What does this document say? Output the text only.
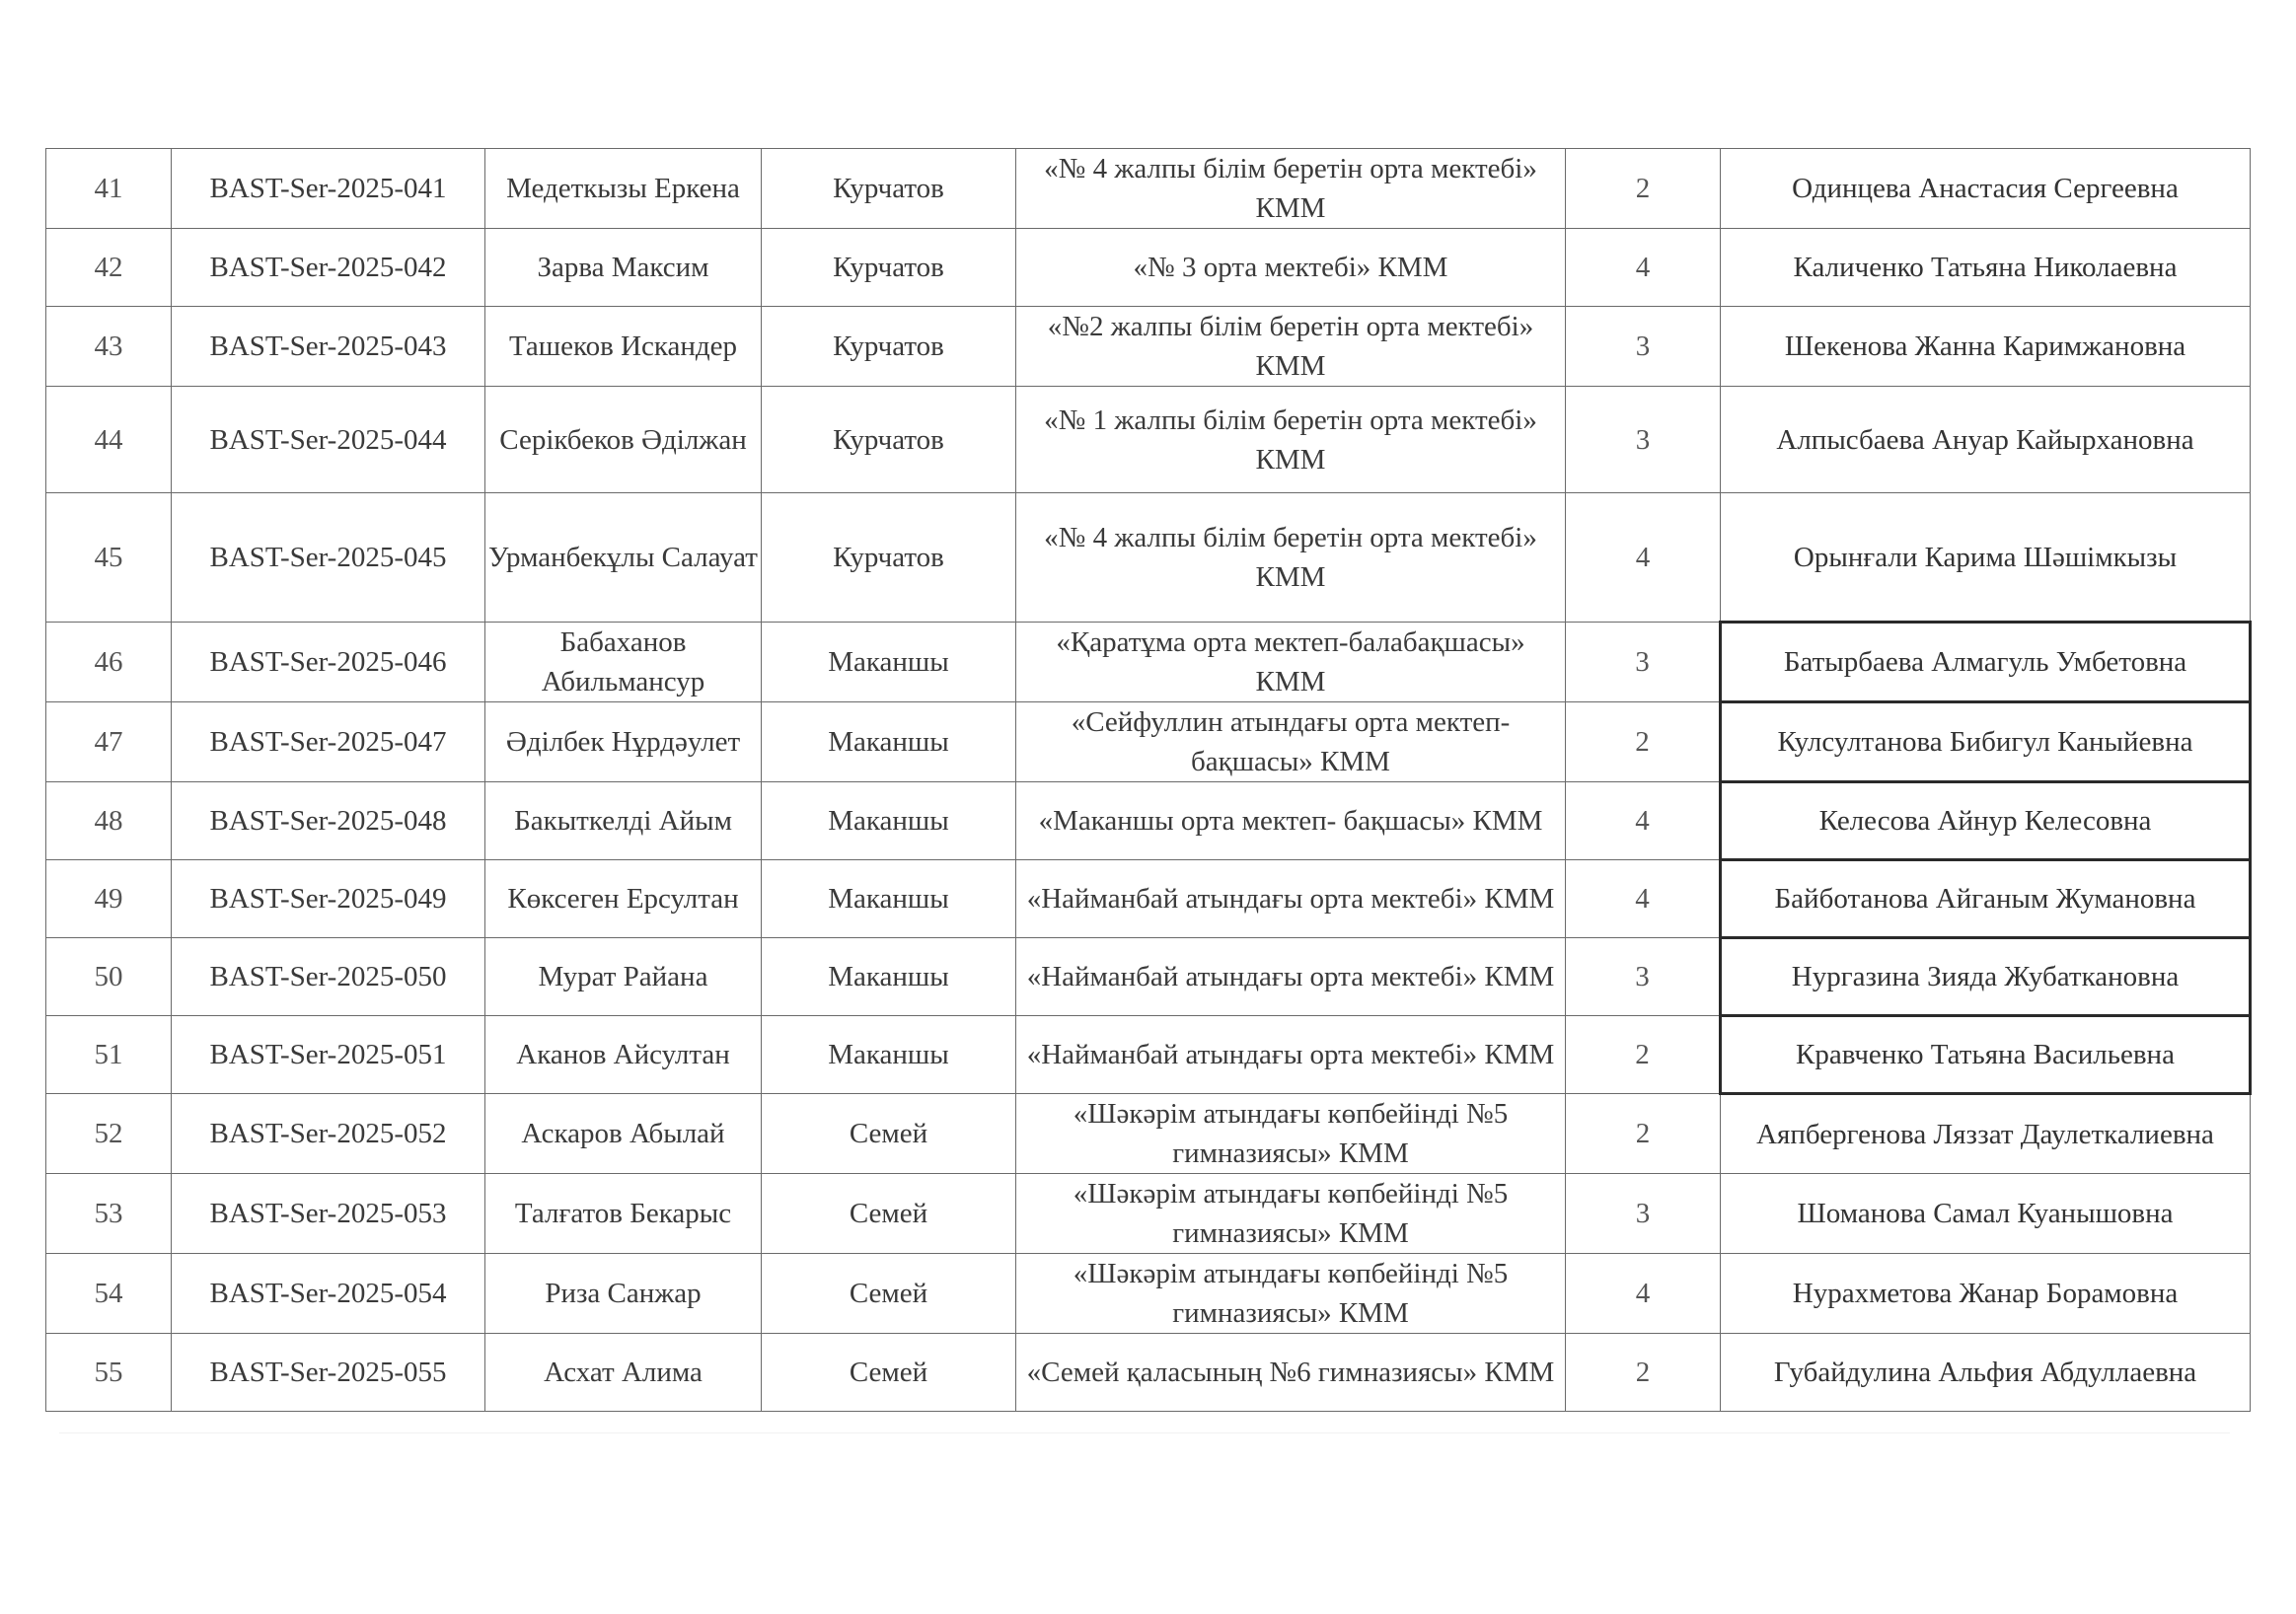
41	BAST-Ser-2025-041	Медеткызы Еркена	Курчатов	«№ 4 жалпы білім беретін орта мектебі» КММ	2	Одинцева Анастасия Сергеевна
42	BAST-Ser-2025-042	Зарва Максим	Курчатов	«№ 3 орта мектебі» КММ	4	Каличенко Татьяна Николаевна
43	BAST-Ser-2025-043	Ташеков Искандер	Курчатов	«№2 жалпы білім беретін орта мектебі» КММ	3	Шекенова Жанна Каримжановна
44	BAST-Ser-2025-044	Серікбеков Әділжан	Курчатов	«№ 1 жалпы білім беретін орта мектебі» КММ	3	Алпысбаева Ануар Кайырхановна
45	BAST-Ser-2025-045	Урманбекұлы Салауат	Курчатов	«№ 4 жалпы білім беретін орта мектебі» КММ	4	Орынғали Карима Шәшімкызы
46	BAST-Ser-2025-046	Бабаханов Абильмансур	Маканшы	«Қаратұма орта мектеп-балабақшасы» КММ	3	Батырбаева Алмагуль Умбетовна
47	BAST-Ser-2025-047	Әділбек Нұрдәулет	Маканшы	«Сейфуллин атындағы орта мектеп-бақшасы» КММ	2	Кулсултанова Бибигул Каныйевна
48	BAST-Ser-2025-048	Бакыткелді Айым	Маканшы	«Маканшы орта мектеп- бақшасы» КММ	4	Келесова Айнур Келесовна
49	BAST-Ser-2025-049	Көксеген Ерсултан	Маканшы	«Найманбай атындағы орта мектебі» КММ	4	Байботанова Айганым Жумановна
50	BAST-Ser-2025-050	Мурат Райана	Маканшы	«Найманбай атындағы орта мектебі» КММ	3	Нургазина Зияда Жубаткановна
51	BAST-Ser-2025-051	Аканов Айсултан	Маканшы	«Найманбай атындағы орта мектебі» КММ	2	Кравченко Татьяна Васильевна
52	BAST-Ser-2025-052	Аскаров Абылай	Семей	«Шәкәрім атындағы көпбейінді №5 гимназиясы» КММ	2	Аяпбергенова Ляззат Даулеткалиевна
53	BAST-Ser-2025-053	Талғатов Бекарыс	Семей	«Шәкәрім атындағы көпбейінді №5 гимназиясы» КММ	3	Шоманова Самал Куанышовна
54	BAST-Ser-2025-054	Риза Санжар	Семей	«Шәкәрім атындағы көпбейінді №5 гимназиясы» КММ	4	Нурахметова Жанар Борамовна
55	BAST-Ser-2025-055	Асхат Алима	Семей	«Семей қаласының №6 гимназиясы» КММ	2	Губайдулина Альфия Абдуллаевна
